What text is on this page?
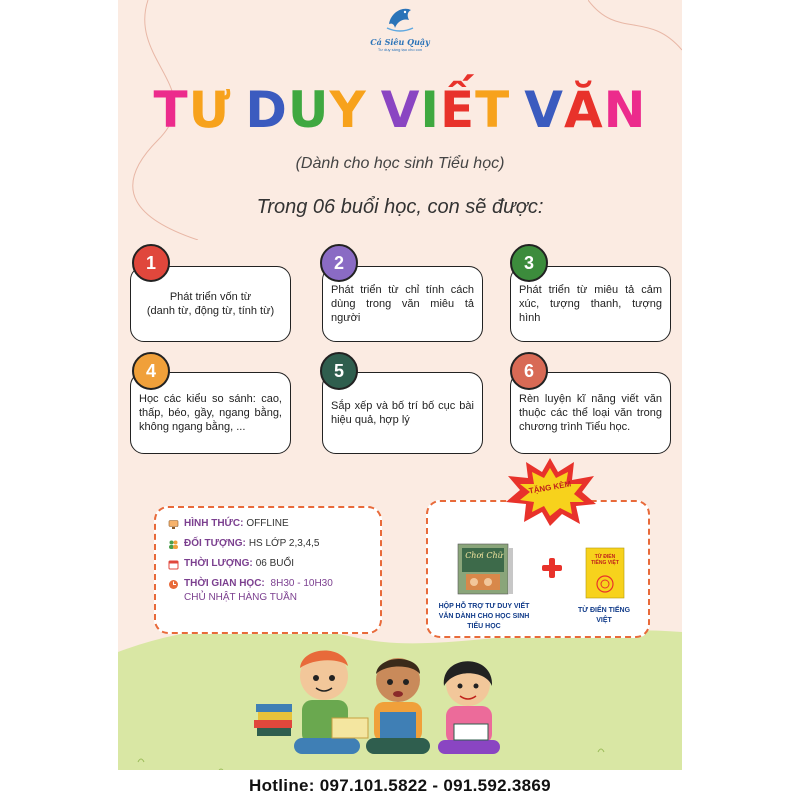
Cá Siêu Quậy
Tư duy sáng tạo cho con
TƯ DUY VIẾT VĂN
(Dành cho học sinh Tiểu học)
Trong 06 buổi học, con sẽ được:
Phát triển vốn từ
(danh từ, động từ, tính từ)
1
Phát triển từ chỉ tính cách dùng trong văn miêu tả người
2
Phát triển từ miêu tả cảm xúc, tượng thanh, tượng hình
3
Học các kiểu so sánh: cao, thấp, béo, gầy, ngang bằng, không ngang bằng, ...
4
Sắp xếp và bố trí bố cục bài hiệu quả, hợp lý
5
Rèn luyện kĩ năng viết văn thuộc các thể loại văn trong chương trình Tiểu học.
6
HÌNH THỨC: OFFLINE
ĐỐI TƯỢNG: HS LỚP 2,3,4,5
THỜI LƯỢNG: 06 BUỔI
THỜI GIAN HỌC: 8H30 - 10H30
CHỦ NHẬT HÀNG TUẦN
Chơi Chữ	TỪ ĐIỂN TIẾNG VIỆT
HỘP HỖ TRỢ TƯ DUY VIẾT VĂN DÀNH CHO HỌC SINH TIỂU HỌC
TỪ ĐIỂN TIẾNG VIỆT
TẶNG KÈM
Hotline: 097.101.5822 - 091.592.3869
